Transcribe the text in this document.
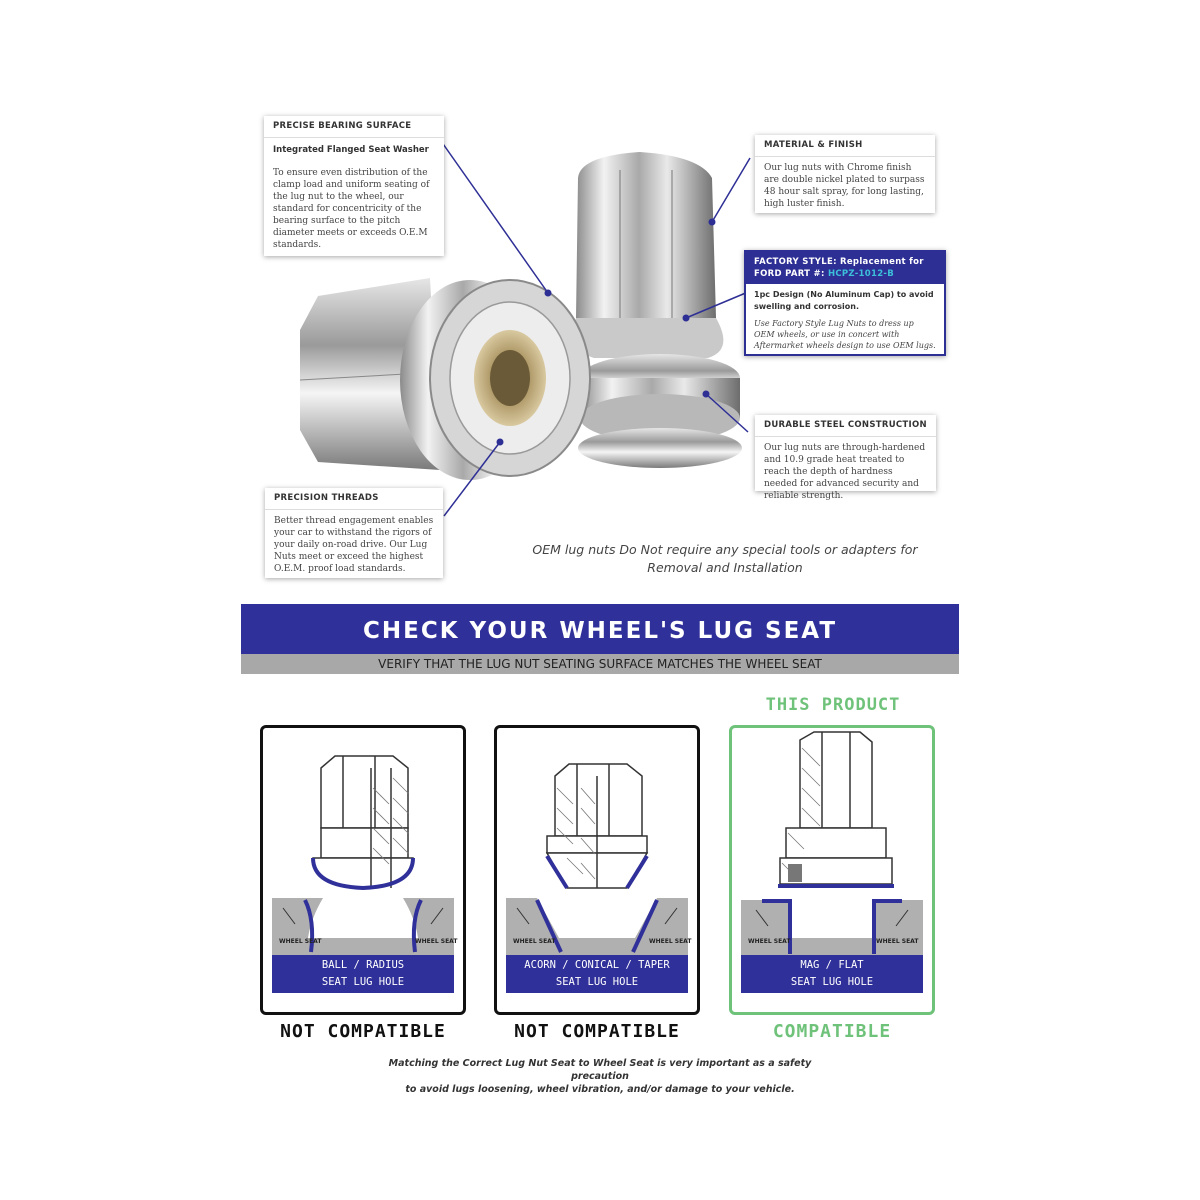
PRECISE BEARING SURFACE
Integrated Flanged Seat Washer
To ensure even distribution of the clamp load and uniform seating of the lug nut to the wheel, our standard for concentricity of the bearing surface to the pitch diameter meets or exceeds O.E.M standards.
MATERIAL & FINISH
Our lug nuts with Chrome finish are double nickel plated to surpass 48 hour salt spray, for long lasting, high luster finish.
FACTORY STYLE: Replacement for
FORD PART #: HCPZ-1012-B
1pc Design (No Aluminum Cap) to avoid swelling and corrosion.
Use Factory Style Lug Nuts to dress up OEM wheels, or use in concert with Aftermarket wheels design to use OEM lugs.
DURABLE STEEL CONSTRUCTION
Our lug nuts are through-hardened and 10.9 grade heat treated to reach the depth of hardness needed for advanced security and reliable strength.
PRECISION THREADS
Better thread engagement enables your car to withstand the rigors of your daily on-road drive. Our Lug Nuts meet or exceed the highest O.E.M. proof load standards.
OEM lug nuts Do Not require any special tools or adapters for
Removal and Installation
CHECK YOUR WHEEL'S LUG SEAT
VERIFY THAT THE LUG NUT SEATING SURFACE MATCHES THE WHEEL SEAT
THIS PRODUCT
WHEEL SEAT	WHEEL SEAT
BALL / RADIUS
SEAT LUG HOLE
NOT COMPATIBLE
WHEEL SEAT	WHEEL SEAT
ACORN / CONICAL / TAPER
SEAT LUG HOLE
NOT COMPATIBLE
WHEEL SEAT	WHEEL SEAT
MAG / FLAT
SEAT LUG HOLE
COMPATIBLE
Matching the Correct Lug Nut Seat to Wheel Seat is very important as a safety precaution
to avoid lugs loosening, wheel vibration, and/or damage to your vehicle.
